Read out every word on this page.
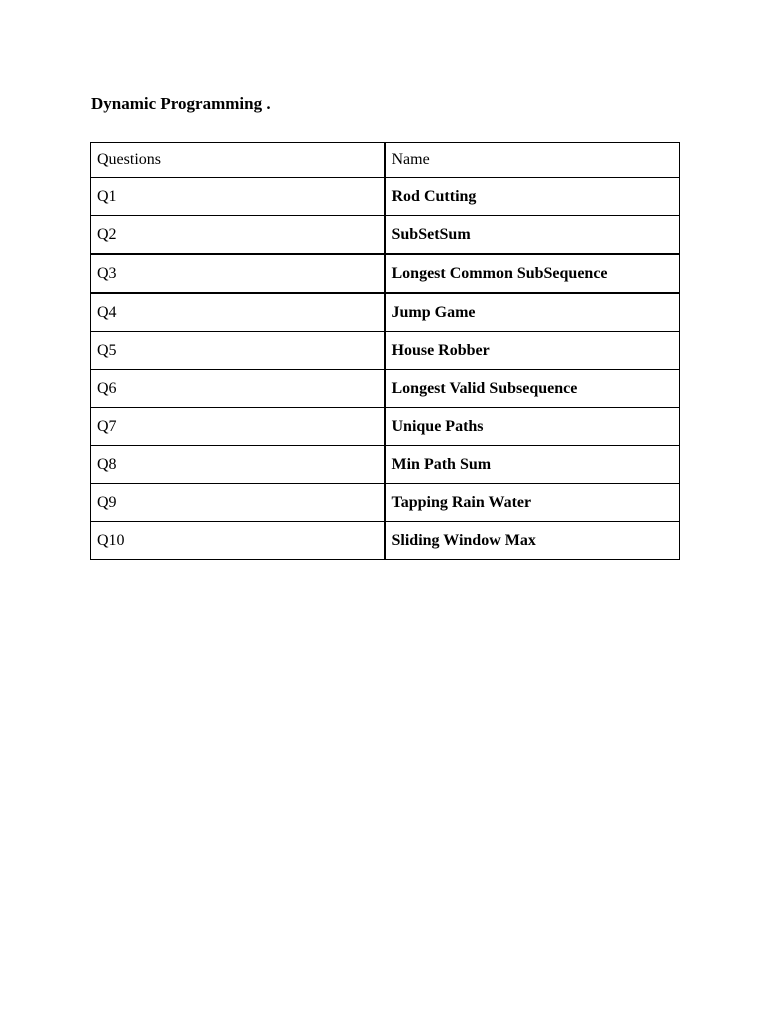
Dynamic Programming .
Questions	Name
Q1	Rod Cutting
Q2	SubSetSum
Q3	Longest Common SubSequence
Q4	Jump Game
Q5	House Robber
Q6	Longest Valid Subsequence
Q7	Unique Paths
Q8	Min Path Sum
Q9	Tapping Rain Water
Q10	Sliding Window Max
